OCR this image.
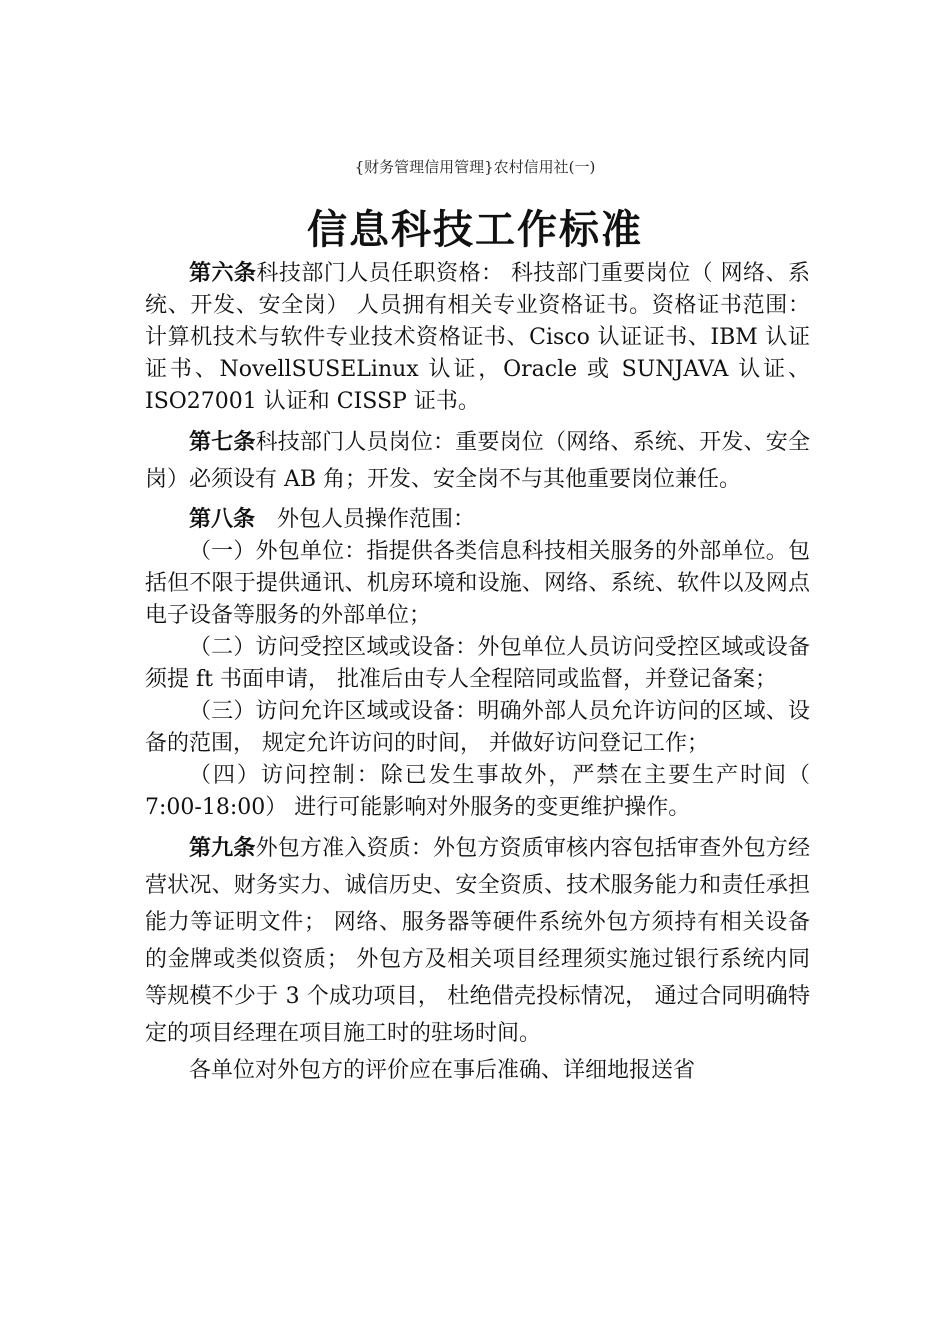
{财务管理信用管理}农村信用社(一)
信息科技工作标准

第六条科技部门人员任职资格： 科技部门重要岗位（ 网络、系统、开发、安全岗） 人员拥有相关专业资格证书。资格证书范围： 计算机技术与软件专业技术资格证书、Cisco 认证证书、IBM 认证证书、NovellSUSELinux 认证，Oracle 或 SUNJAVA 认证、ISO27001 认证和 CISSP 证书。

第七条科技部门人员岗位：重要岗位（网络、系统、开发、安全岗）必须设有 AB 角；开发、安全岗不与其他重要岗位兼任。

第八条　外包人员操作范围：

（一）外包单位：指提供各类信息科技相关服务的外部单位。包括但不限于提供通讯、机房环境和设施、网络、系统、软件以及网点电子设备等服务的外部单位；

（二）访问受控区域或设备：外包单位人员访问受控区域或设备须提 ft 书面申请， 批准后由专人全程陪同或监督，并登记备案；

（三）访问允许区域或设备：明确外部人员允许访问的区域、设备的范围， 规定允许访问的时间， 并做好访问登记工作；

（四）访问控制：除已发生事故外，严禁在主要生产时间（ 7:00-18:00） 进行可能影响对外服务的变更维护操作。

第九条外包方准入资质：外包方资质审核内容包括审查外包方经营状况、财务实力、诚信历史、安全资质、技术服务能力和责任承担能力等证明文件； 网络、服务器等硬件系统外包方须持有相关设备的金牌或类似资质； 外包方及相关项目经理须实施过银行系统内同等规模不少于 3 个成功项目， 杜绝借壳投标情况， 通过合同明确特定的项目经理在项目施工时的驻场时间。

各单位对外包方的评价应在事后准确、详细地报送省
